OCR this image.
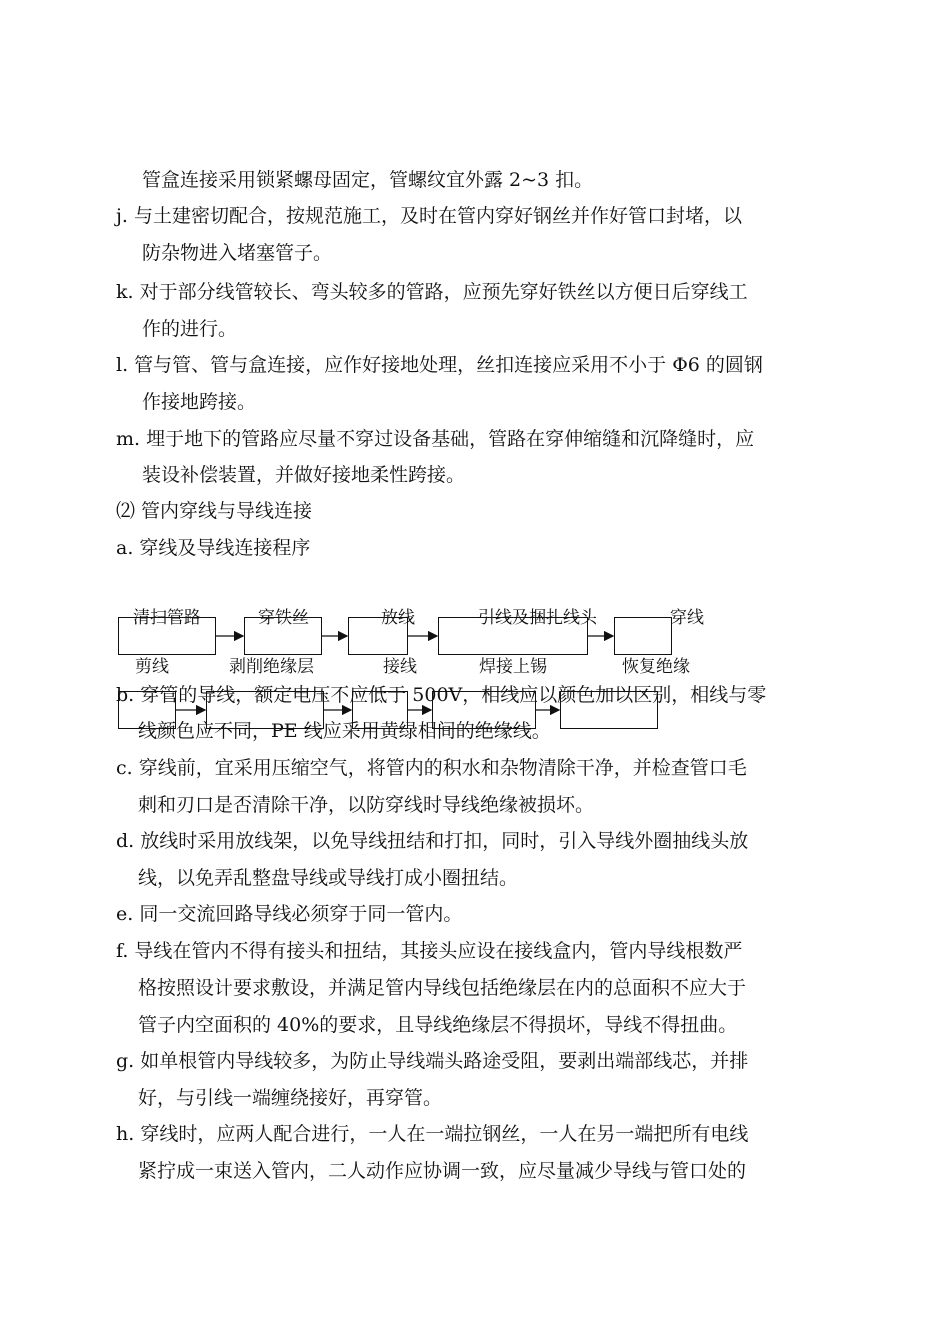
管盒连接采用锁紧螺母固定，管螺纹宜外露 2~3 扣。
j. 与土建密切配合，按规范施工，及时在管内穿好钢丝并作好管口封堵，以
防杂物进入堵塞管子。
k. 对于部分线管较长、弯头较多的管路，应预先穿好铁丝以方便日后穿线工
作的进行。
l. 管与管、管与盒连接，应作好接地处理，丝扣连接应采用不小于 Φ6 的圆钢
作接地跨接。
m. 埋于地下的管路应尽量不穿过设备基础，管路在穿伸缩缝和沉降缝时，应
装设补偿装置，并做好接地柔性跨接。
⑵ 管内穿线与导线连接
a. 穿线及导线连接程序
清扫管路	穿铁丝	放线	引线及捆扎线头	穿线
剪线	剥削绝缘层	接线	焊接上锡	恢复绝缘
b. 穿管的导线，额定电压不应低于 500V，相线应以颜色加以区别，相线与零
线颜色应不同，PE 线应采用黄绿相间的绝缘线。
c. 穿线前，宜采用压缩空气，将管内的积水和杂物清除干净，并检查管口毛
刺和刃口是否清除干净，以防穿线时导线绝缘被损坏。
d. 放线时采用放线架，以免导线扭结和打扣，同时，引入导线外圈抽线头放
线，以免弄乱整盘导线或导线打成小圈扭结。
e. 同一交流回路导线必须穿于同一管内。
f. 导线在管内不得有接头和扭结，其接头应设在接线盒内，管内导线根数严
格按照设计要求敷设，并满足管内导线包括绝缘层在内的总面积不应大于
管子内空面积的 40%的要求，且导线绝缘层不得损坏，导线不得扭曲。
g. 如单根管内导线较多，为防止导线端头路途受阻，要剥出端部线芯，并排
好，与引线一端缠绕接好，再穿管。
h. 穿线时，应两人配合进行，一人在一端拉钢丝，一人在另一端把所有电线
紧拧成一束送入管内，二人动作应协调一致，应尽量减少导线与管口处的
